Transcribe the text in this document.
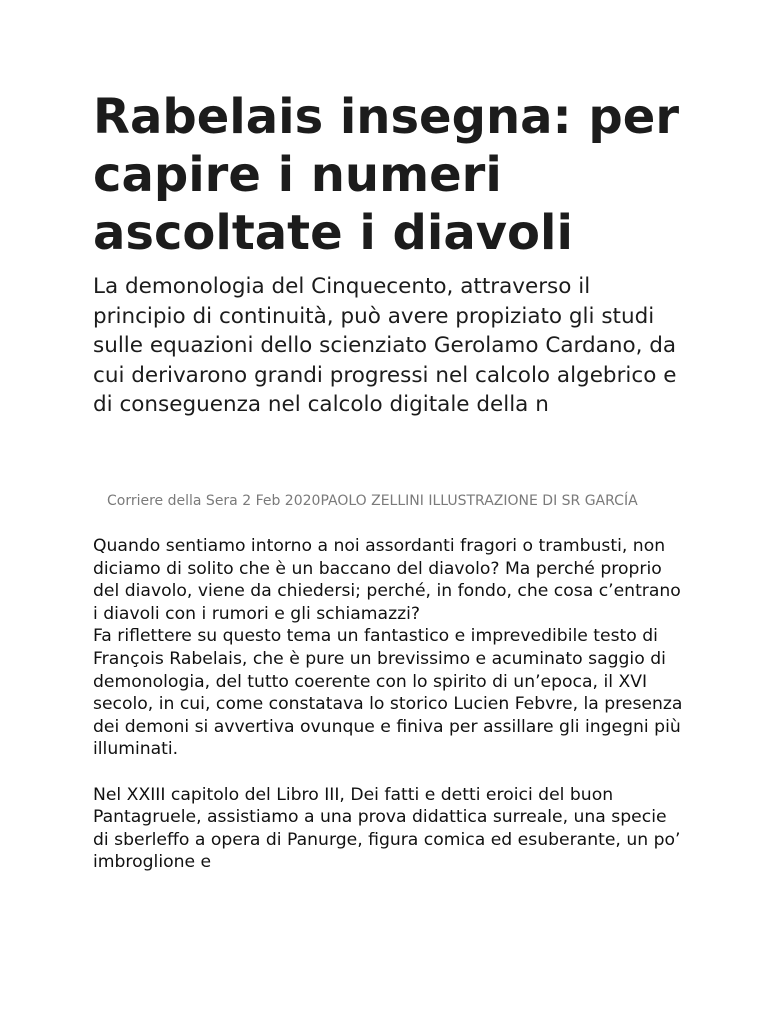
Rabelais insegna: per capire i numeri ascoltate i diavoli

La demonologia del Cinquecento, attraverso il principio di continuità, può avere propiziato gli studi sulle equazioni dello scienziato Gerolamo Cardano, da cui derivarono grandi progressi nel calcolo algebrico e di conseguenza nel calcolo digitale della n

Corriere della Sera 2 Feb 2020PAOLO ZELLINI ILLUSTRAZIONE DI SR GARCÍA

Quando sentiamo intorno a noi assordanti fragori o trambusti, non diciamo di solito che è un baccano del diavolo? Ma perché proprio del diavolo, viene da chiedersi; perché, in fondo, che cosa c’entrano i diavoli con i rumori e gli schiamazzi?

Fa riflettere su questo tema un fantastico e imprevedibile testo di François Rabelais, che è pure un brevissimo e acuminato saggio di demonologia, del tutto coerente con lo spirito di un’epoca, il XVI secolo, in cui, come constatava lo storico Lucien Febvre, la presenza dei demoni si avvertiva ovunque e finiva per assillare gli ingegni più illuminati.

Nel XXIII capitolo del Libro III, Dei fatti e detti eroici del buon Pantagruele, assistiamo a una prova didattica surreale, una specie di sberleffo a opera di Panurge, figura comica ed esuberante, un po’ imbroglione e
